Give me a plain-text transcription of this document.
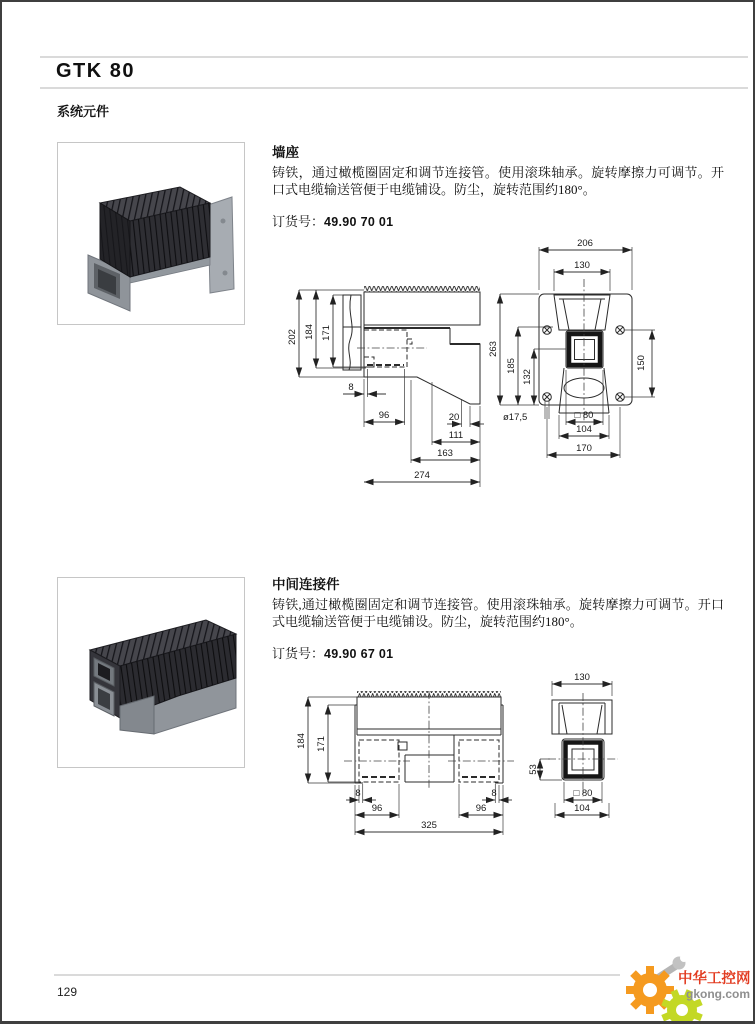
GTK 80
系统元件

墙座

铸铁，通过橄榄圈固定和调节连接管。使用滚珠轴承。旋转摩擦力可调节。开口式电缆输送管便于电缆铺设。防尘，旋转范围约180°。

订货号：49.90 70 01

202 184 171
8
96	20
111
163
274
206
130
263
185
132
150
ø17,5	□ 80
104
170

中间连接件

铸铁,通过橄榄圈固定和调节连接管。使用滚珠轴承。旋转摩擦力可调节。开口式电缆输送管便于电缆铺设。防尘，旋转范围约180°。

订货号：49.90 67 01

184 171
8
96
8
96
325
130
53
□ 80
104
129
中华工控网
gkong.com
